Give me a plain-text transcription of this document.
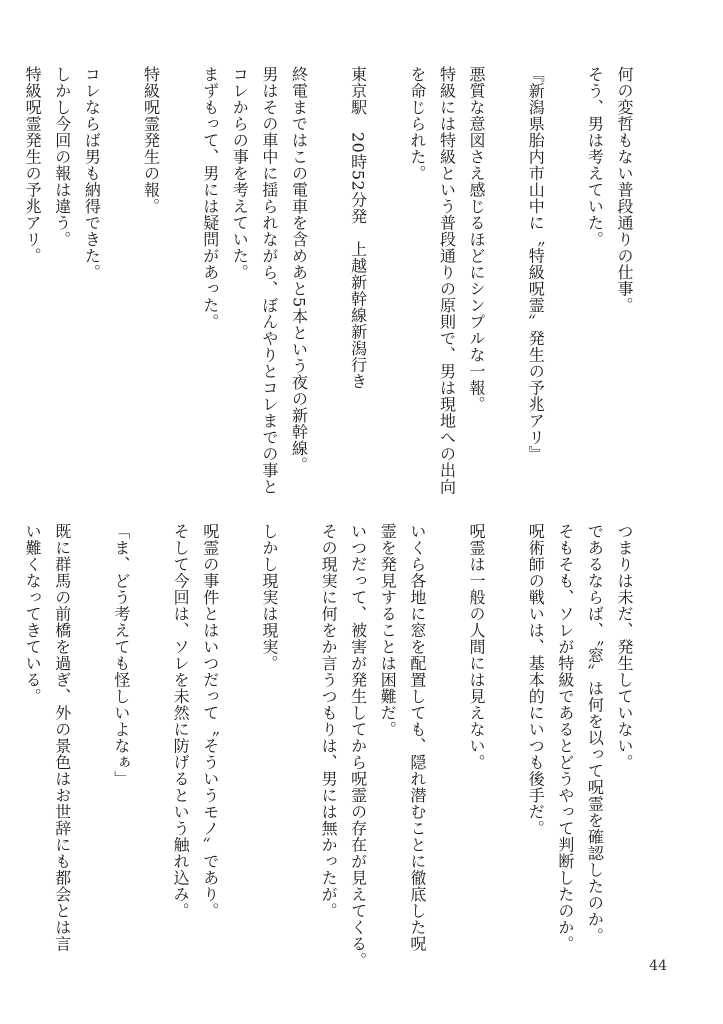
何の変哲もない普段通りの仕事。
そう、男は考えていた。
『新潟県胎内市山中に〝特級呪霊〟発生の予兆アリ』
悪質な意図さえ感じるほどにシンプルな一報。
特級には特級という普段通りの原則で、男は現地への出向
を命じられた。
東京駅　20時52分発　上越新幹線新潟行き
終電まではこの電車を含めあと5本という夜の新幹線。
男はその車中に揺られながら、ぼんやりとコレまでの事と
コレからの事を考えていた。
まずもって、男には疑問があった。
特級呪霊発生の報。
コレならば男も納得できた。
しかし今回の報は違う。
特級呪霊発生の予兆アリ。
つまりは未だ、発生していない。
であるならば、〝窓〟は何を以って呪霊を確認したのか。
そもそも、ソレが特級であるとどうやって判断したのか。
呪術師の戦いは、基本的にいつも後手だ。
呪霊は一般の人間には見えない。
いくら各地に窓を配置しても、隠れ潜むことに徹底した呪
霊を発見することは困難だ。
いつだって、被害が発生してから呪霊の存在が見えてくる。
その現実に何をか言うつもりは、男には無かったが。
しかし現実は現実。
呪霊の事件とはいつだって〝そういうモノ〟であり。
そして今回は、ソレを未然に防げるという触れ込み。
「ま、どう考えても怪しいよなぁ」
既に群馬の前橋を過ぎ、外の景色はお世辞にも都会とは言
い難くなってきている。
44
